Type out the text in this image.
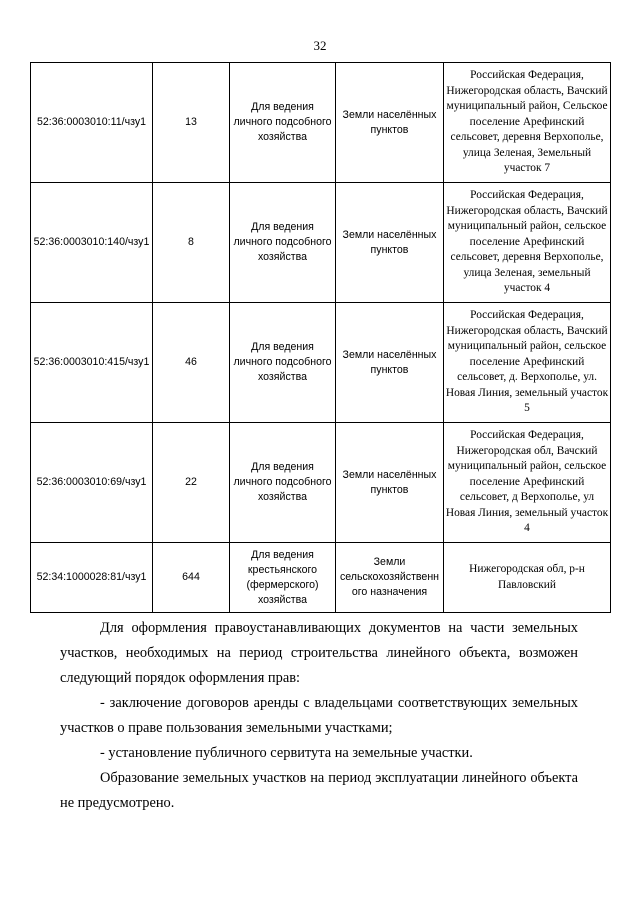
32
52:36:0003010:11/чзу1	13	Для ведения личного подсобного хозяйства	Земли населённых пунктов	Российская Федерация, Нижегородская область, Вачский муниципальный район, Сельское поселение Арефинский сельсовет, деревня Верхополье, улица Зеленая, Земельный участок 7
52:36:0003010:140/чзу1	8	Для ведения личного подсобного хозяйства	Земли населённых пунктов	Российская Федерация, Нижегородская область, Вачский муниципальный район, сельское поселение Арефинский сельсовет, деревня Верхополье, улица Зеленая, земельный участок 4
52:36:0003010:415/чзу1	46	Для ведения личного подсобного хозяйства	Земли населённых пунктов	Российская Федерация, Нижегородская область, Вачский муниципальный район, сельское поселение Арефинский сельсовет, д. Верхополье, ул. Новая Линия, земельный участок 5
52:36:0003010:69/чзу1	22	Для ведения личного подсобного хозяйства	Земли населённых пунктов	Российская Федерация, Нижегородская обл, Вачский муниципальный район, сельское поселение Арефинский сельсовет, д Верхополье, ул Новая Линия, земельный участок 4
52:34:1000028:81/чзу1	644	Для ведения крестьянского (фермерского) хозяйства	Земли сельскохозяйственного назначения	Нижегородская обл, р-н Павловский

Для оформления правоустанавливающих документов на части земельных участков, необходимых на период строительства линейного объекта, возможен следующий порядок оформления прав:

- заключение договоров аренды с владельцами соответствующих земельных участков о праве пользования земельными участками;

- установление публичного сервитута на земельные участки.

Образование земельных участков на период эксплуатации линейного объекта не предусмотрено.
